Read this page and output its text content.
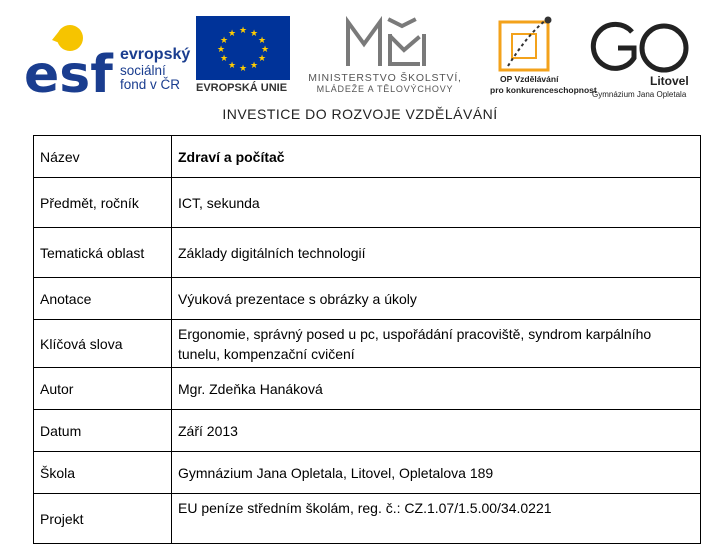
esf evropský
sociální
fond v ČR
★ ★
★
★
★
★
★
★
★
★
★
★
EVROPSKÁ UNIE
MINISTERSTVO ŠKOLSTVÍ,
MLÁDEŽE A TĚLOVÝCHOVY
OP Vzdělávání
pro konkurenceschopnost
Litovel
Gymnázium Jana Opletala
INVESTICE DO ROZVOJE VZDĚLÁVÁNÍ
Název	Zdraví a počítač
Předmět, ročník	ICT, sekunda
Tematická oblast	Základy digitálních technologií
Anotace	Výuková prezentace s obrázky a úkoly
Klíčová slova	Ergonomie, správný posed u pc, uspořádání pracoviště, syndrom karpálního tunelu, kompenzační cvičení
Autor	Mgr. Zdeňka Hanáková
Datum	Září 2013
Škola	Gymnázium Jana Opletala, Litovel, Opletalova 189
Projekt	EU peníze středním školám, reg. č.: CZ.1.07/1.5.00/34.0221
